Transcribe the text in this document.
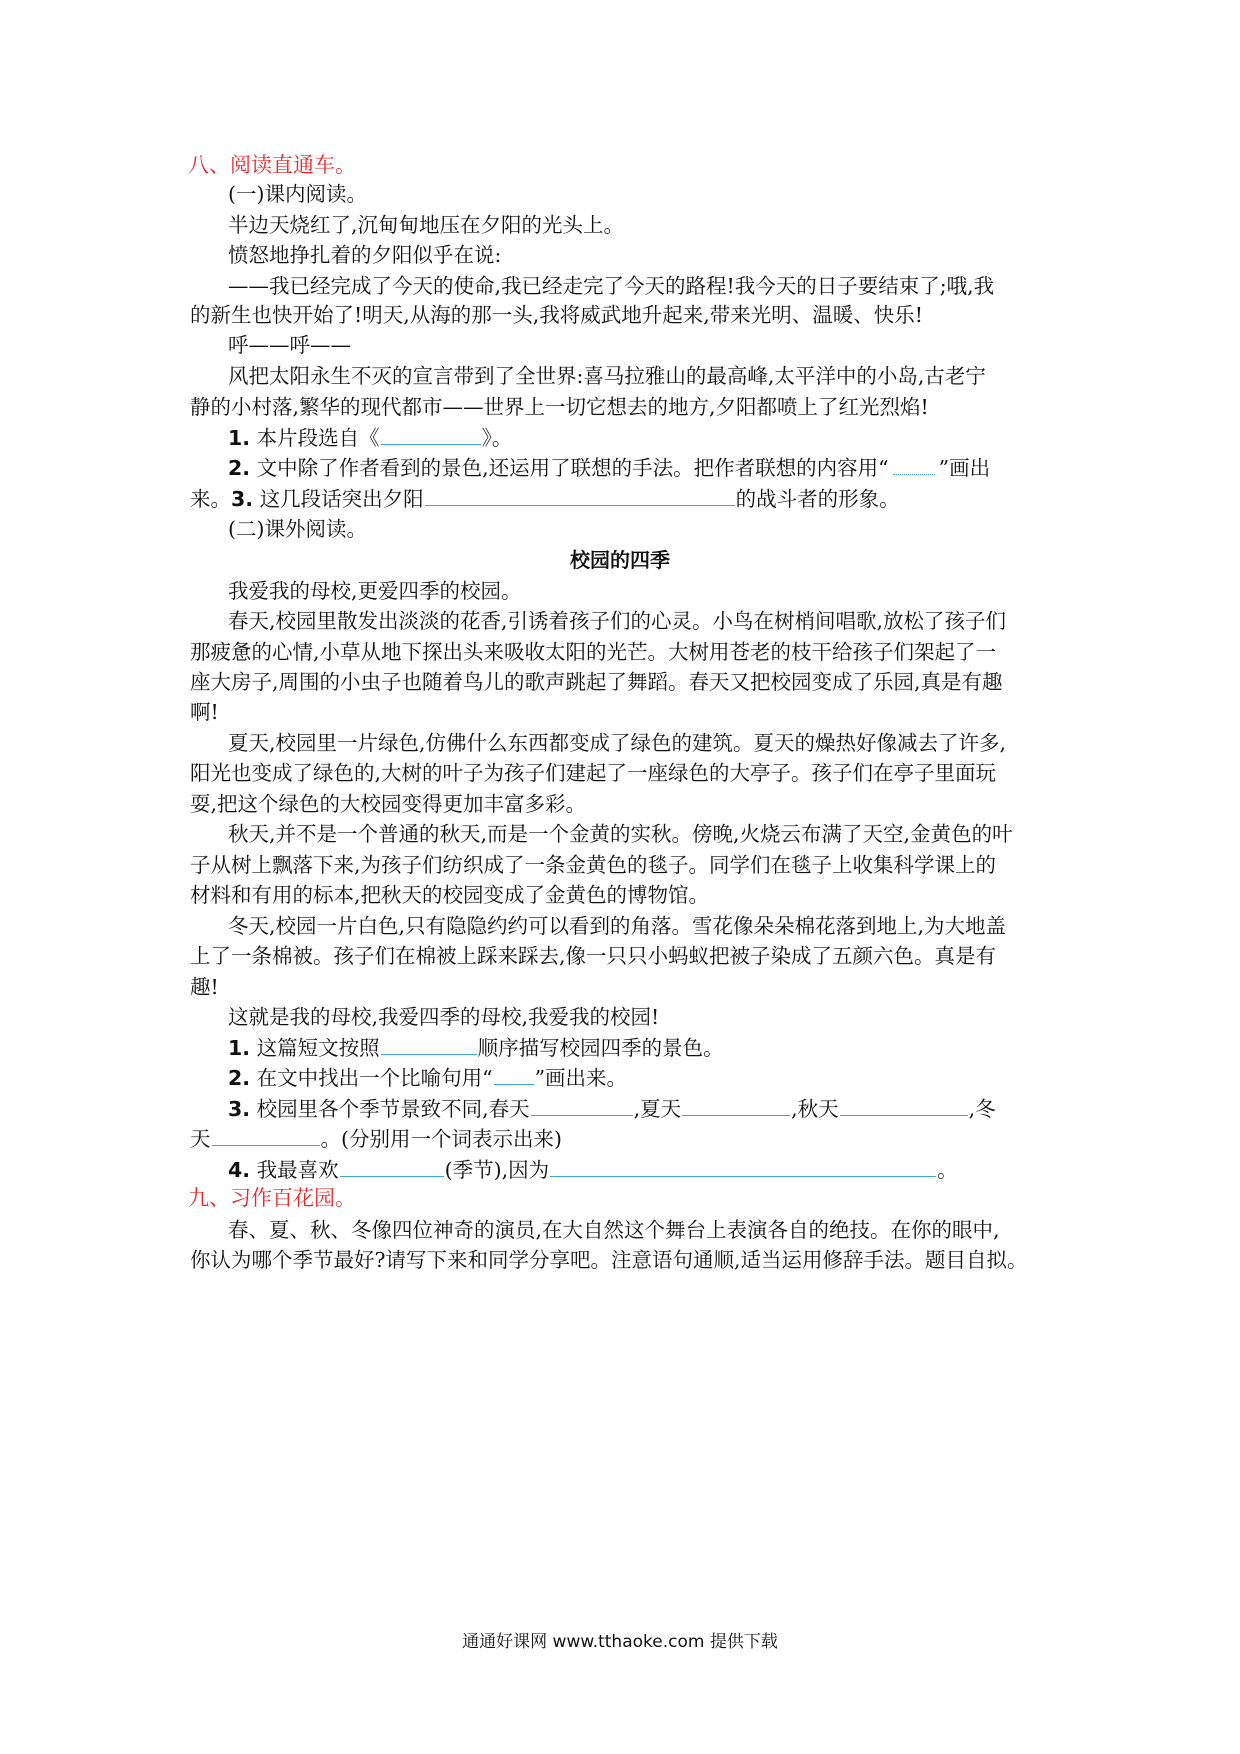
八、阅读直通车。
(一)课内阅读。
半边天烧红了,沉甸甸地压在夕阳的光头上。
愤怒地挣扎着的夕阳似乎在说:
——我已经完成了今天的使命,我已经走完了今天的路程!我今天的日子要结束了;哦,我
的新生也快开始了!明天,从海的那一头,我将威武地升起来,带来光明、温暖、快乐!
呼——呼——
风把太阳永生不灭的宣言带到了全世界:喜马拉雅山的最高峰,太平洋中的小岛,古老宁
静的小村落,繁华的现代都市——世界上一切它想去的地方,夕阳都喷上了红光烈焰!
1. 本片段选自《	》。
2. 文中除了作者看到的景色,还运用了联想的手法。把作者联想的内容用“ ”画出
来。3. 这几段话突出夕阳	的战斗者的形象。
(二)课外阅读。
校园的四季
我爱我的母校,更爱四季的校园。
春天,校园里散发出淡淡的花香,引诱着孩子们的心灵。小鸟在树梢间唱歌,放松了孩子们
那疲惫的心情,小草从地下探出头来吸收太阳的光芒。大树用苍老的枝干给孩子们架起了一
座大房子,周围的小虫子也随着鸟儿的歌声跳起了舞蹈。春天又把校园变成了乐园,真是有趣
啊!
夏天,校园里一片绿色,仿佛什么东西都变成了绿色的建筑。夏天的燥热好像减去了许多,
阳光也变成了绿色的,大树的叶子为孩子们建起了一座绿色的大亭子。孩子们在亭子里面玩
耍,把这个绿色的大校园变得更加丰富多彩。
秋天,并不是一个普通的秋天,而是一个金黄的实秋。傍晚,火烧云布满了天空,金黄色的叶
子从树上飘落下来,为孩子们纺织成了一条金黄色的毯子。同学们在毯子上收集科学课上的
材料和有用的标本,把秋天的校园变成了金黄色的博物馆。
冬天,校园一片白色,只有隐隐约约可以看到的角落。雪花像朵朵棉花落到地上,为大地盖
上了一条棉被。孩子们在棉被上踩来踩去,像一只只小蚂蚁把被子染成了五颜六色。真是有
趣!
这就是我的母校,我爱四季的母校,我爱我的校园!
1. 这篇短文按照	顺序描写校园四季的景色。
2. 在文中找出一个比喻句用“ ”画出来。
3. 校园里各个季节景致不同,春天	,夏天	,秋天	,冬
天	。(分别用一个词表示出来)
4. 我最喜欢	(季节),因为	。
九、习作百花园。
春、夏、秋、冬像四位神奇的演员,在大自然这个舞台上表演各自的绝技。在你的眼中,
你认为哪个季节最好?请写下来和同学分享吧。注意语句通顺,适当运用修辞手法。题目自拟。
通通好课网 www.tthaoke.com 提供下载
